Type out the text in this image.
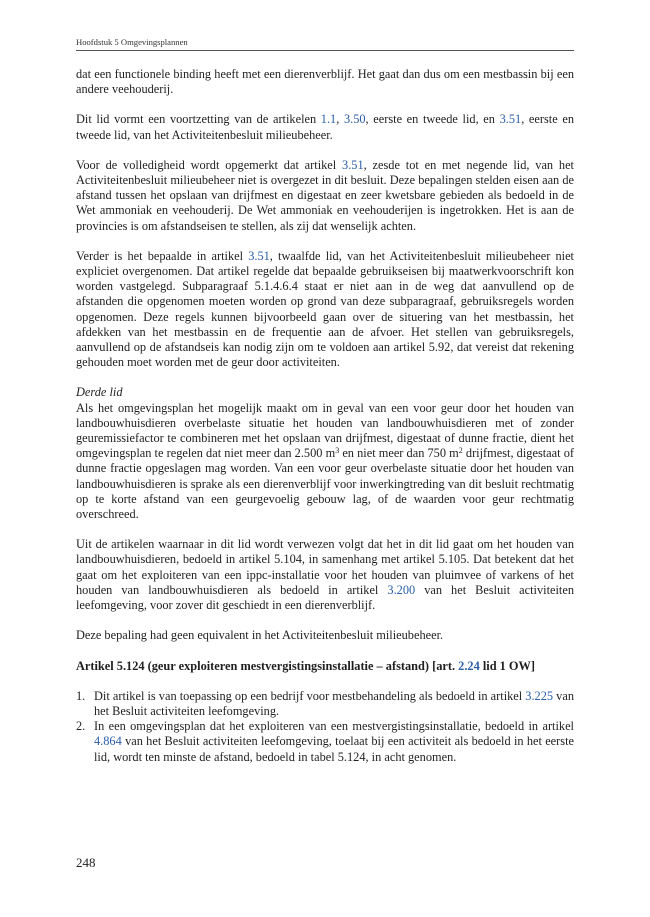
Hoofdstuk 5 Omgevingsplannen

dat een functionele binding heeft met een dierenverblijf. Het gaat dan dus om een mestbassin bij een andere veehouderij.

Dit lid vormt een voortzetting van de artikelen 1.1, 3.50, eerste en tweede lid, en 3.51, eerste en tweede lid, van het Activiteitenbesluit milieubeheer.

Voor de volledigheid wordt opgemerkt dat artikel 3.51, zesde tot en met negende lid, van het Activiteitenbesluit milieubeheer niet is overgezet in dit besluit. Deze bepalingen stelden eisen aan de afstand tussen het opslaan van drijfmest en digestaat en zeer kwetsbare gebieden als bedoeld in de Wet ammoniak en veehouderij. De Wet ammoniak en veehouderijen is ingetrokken. Het is aan de provincies is om afstandseisen te stellen, als zij dat wenselijk achten.

Verder is het bepaalde in artikel 3.51, twaalfde lid, van het Activiteitenbesluit milieubeheer niet expliciet overgenomen. Dat artikel regelde dat bepaalde gebruikseisen bij maatwerkvoorschrift kon worden vastgelegd. Subparagraaf 5.1.4.6.4 staat er niet aan in de weg dat aanvullend op de afstanden die opgenomen moeten worden op grond van deze subparagraaf, gebruiksregels worden opgenomen. Deze regels kunnen bijvoorbeeld gaan over de situering van het mestbassin, het afdekken van het mestbassin en de frequentie aan de afvoer. Het stellen van gebruiksregels, aanvullend op de afstandseis kan nodig zijn om te voldoen aan artikel 5.92, dat vereist dat rekening gehouden moet worden met de geur door activiteiten.

Derde lid

Als het omgevingsplan het mogelijk maakt om in geval van een voor geur door het houden van landbouwhuisdieren overbelaste situatie het houden van landbouwhuisdieren met of zonder geuremissiefactor te combineren met het opslaan van drijfmest, digestaat of dunne fractie, dient het omgevingsplan te regelen dat niet meer dan 2.500 $m^3$ en niet meer dan 750 $m^2$ drijfmest, digestaat of dunne fractie opgeslagen mag worden. Van een voor geur overbelaste situatie door het houden van landbouwhuisdieren is sprake als een dierenverblijf voor inwerkingtreding van dit besluit rechtmatig op te korte afstand van een geurgevoelig gebouw lag, of de waarden voor geur rechtmatig overschreed.

Uit de artikelen waarnaar in dit lid wordt verwezen volgt dat het in dit lid gaat om het houden van landbouwhuisdieren, bedoeld in artikel 5.104, in samenhang met artikel 5.105. Dat betekent dat het gaat om het exploiteren van een ippc-installatie voor het houden van pluimvee of varkens of het houden van landbouwhuisdieren als bedoeld in artikel 3.200 van het Besluit activiteiten leefomgeving, voor zover dit geschiedt in een dierenverblijf.

Deze bepaling had geen equivalent in het Activiteitenbesluit milieubeheer.

Artikel 5.124 (geur exploiteren mestvergistingsinstallatie – afstand) [art. 2.24 lid 1 OW]

1. Dit artikel is van toepassing op een bedrijf voor mestbehandeling als bedoeld in artikel 3.225 van het Besluit activiteiten leefomgeving.
2. In een omgevingsplan dat het exploiteren van een mestvergistingsinstallatie, bedoeld in artikel 4.864 van het Besluit activiteiten leefomgeving, toelaat bij een activiteit als bedoeld in het eerste lid, wordt ten minste de afstand, bedoeld in tabel 5.124, in acht genomen.
248
